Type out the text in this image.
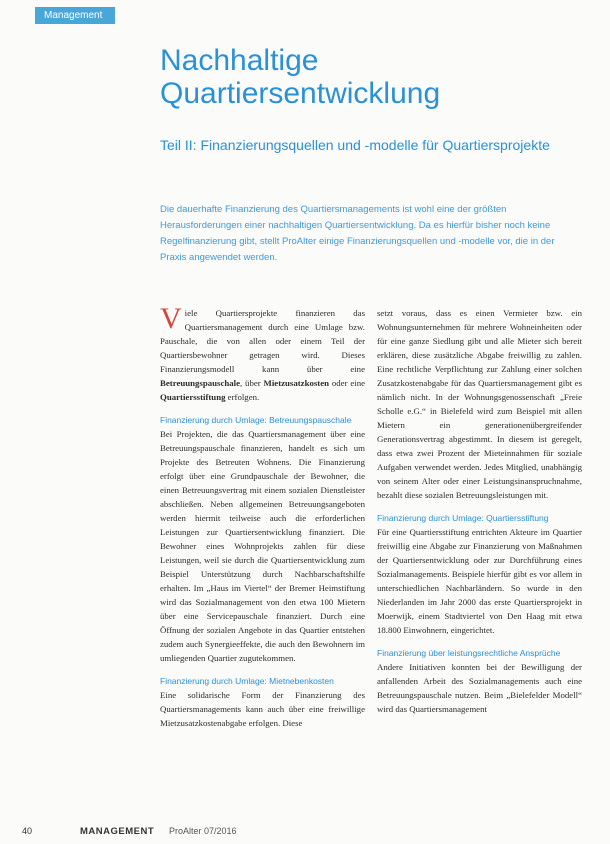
Management
Nachhaltige Quartiersentwicklung
Teil II: Finanzierungsquellen und -modelle für Quartiersprojekte

Die dauerhafte Finanzierung des Quartiersmanagements ist wohl eine der größten Herausforderungen einer nachhaltigen Quartiersentwicklung. Da es hierfür bisher noch keine Regelfinanzierung gibt, stellt ProAlter einige Finanzierungsquellen und -modelle vor, die in der Praxis angewendet werden.

Viele Quartiersprojekte finanzieren das Quartiersmanagement durch eine Umlage bzw. Pauschale, die von allen oder einem Teil der Quartiersbewohner getragen wird. Dieses Finanzierungsmodell kann über eine Betreuungspauschale, über Mietzusatzkosten oder eine Quartiersstiftung erfolgen.

Finanzierung durch Umlage: Betreuungspauschale

Bei Projekten, die das Quartiersmanagement über eine Betreuungspauschale finanzieren, handelt es sich um Projekte des Betreuten Wohnens. Die Finanzierung erfolgt über eine Grundpauschale der Bewohner, die einen Betreuungsvertrag mit einem sozialen Dienstleister abschließen. Neben allgemeinen Betreuungsangeboten werden hiermit teilweise auch die erforderlichen Leistungen zur Quartiersentwicklung finanziert. Die Bewohner eines Wohnprojekts zahlen für diese Leistungen, weil sie durch die Quartiersentwicklung zum Beispiel Unterstützung durch Nachbarschaftshilfe erhalten. Im „Haus im Viertel“ der Bremer Heimstiftung wird das Sozialmanagement von den etwa 100 Mietern über eine Servicepauschale finanziert. Durch eine Öffnung der sozialen Angebote in das Quartier entstehen zudem auch Synergieeffekte, die auch den Bewohnern im umliegenden Quartier zugutekommen.

Finanzierung durch Umlage: Mietnebenkosten

Eine solidarische Form der Finanzierung des Quartiersmanagements kann auch über eine freiwillige Mietzusatzkostenabgabe erfolgen. Diese

setzt voraus, dass es einen Vermieter bzw. ein Wohnungsunternehmen für mehrere Wohneinheiten oder für eine ganze Siedlung gibt und alle Mieter sich bereit erklären, diese zusätzliche Abgabe freiwillig zu zahlen. Eine rechtliche Verpflichtung zur Zahlung einer solchen Zusatzkostenabgabe für das Quartiersmanagement gibt es nämlich nicht. In der Wohnungsgenossenschaft „Freie Scholle e.G.“ in Bielefeld wird zum Beispiel mit allen Mietern ein generationenübergreifender Generationsvertrag abgestimmt. In diesem ist geregelt, dass etwa zwei Prozent der Mieteinnahmen für soziale Aufgaben verwendet werden. Jedes Mitglied, unabhängig von seinem Alter oder einer Leistungsinanspruchnahme, bezahlt diese sozialen Betreuungsleistungen mit.

Finanzierung durch Umlage: Quartiersstiftung

Für eine Quartiersstiftung entrichten Akteure im Quartier freiwillig eine Abgabe zur Finanzierung von Maßnahmen der Quartiersentwicklung oder zur Durchführung eines Sozialmanagements. Beispiele hierfür gibt es vor allem in unterschiedlichen Nachbarländern. So wurde in den Niederlanden im Jahr 2000 das erste Quartiersprojekt in Moerwijk, einem Stadtviertel von Den Haag mit etwa 18.800 Einwohnern, eingerichtet.

Finanzierung über leistungsrechtliche Ansprüche

Andere Initiativen konnten bei der Bewilligung der anfallenden Arbeit des Sozialmanagements auch eine Betreuungspauschale nutzen. Beim „Bielefelder Modell“ wird das Quartiersmanagement

40	MANAGEMENT ProAlter 07/2016
